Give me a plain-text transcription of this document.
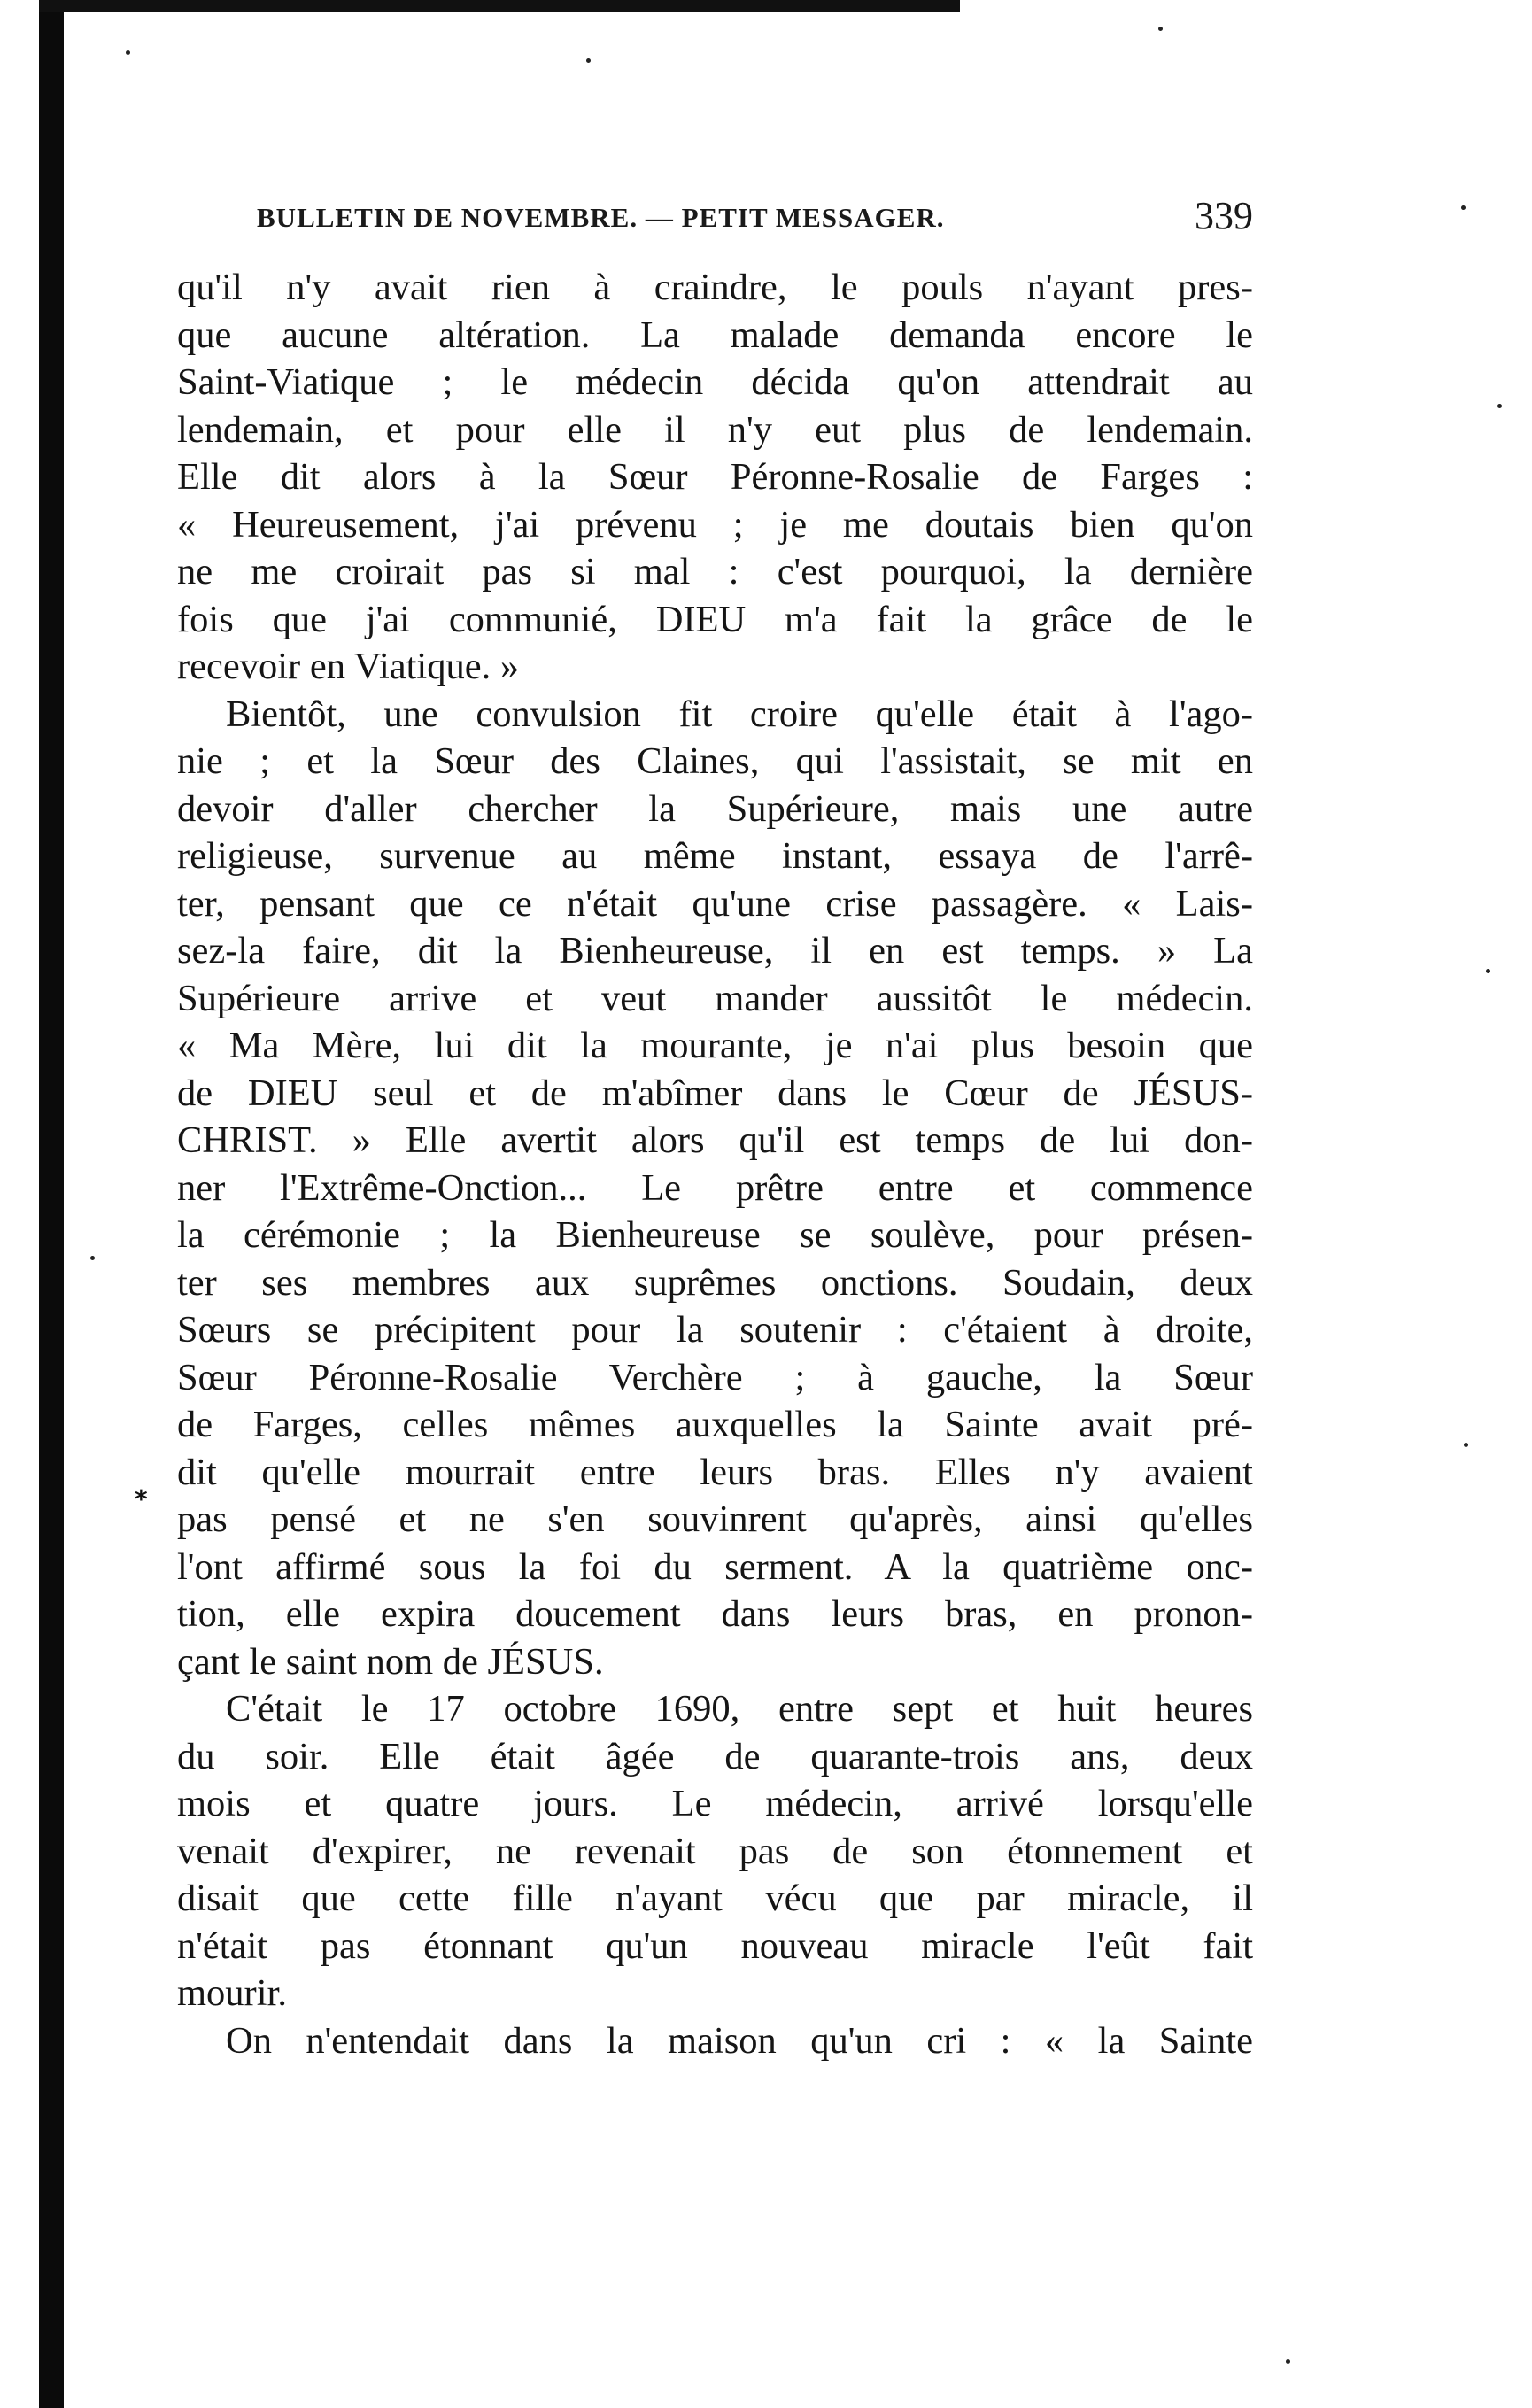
BULLETIN DE NOVEMBRE. — PETIT MESSAGER.	339
*
qu'il n'y avait rien à craindre, le pouls n'ayant pres-
que aucune altération. La malade demanda encore le
Saint-Viatique ; le médecin décida qu'on attendrait au
lendemain, et pour elle il n'y eut plus de lendemain.
Elle dit alors à la Sœur Péronne-Rosalie de Farges :
« Heureusement, j'ai prévenu ; je me doutais bien qu'on
ne me croirait pas si mal : c'est pourquoi, la dernière
fois que j'ai communié, DIEU m'a fait la grâce de le
recevoir en Viatique. »
Bientôt, une convulsion fit croire qu'elle était à l'ago-
nie ; et la Sœur des Claines, qui l'assistait, se mit en
devoir d'aller chercher la Supérieure, mais une autre
religieuse, survenue au même instant, essaya de l'arrê-
ter, pensant que ce n'était qu'une crise passagère. « Lais-
sez-la faire, dit la Bienheureuse, il en est temps. » La
Supérieure arrive et veut mander aussitôt le médecin.
« Ma Mère, lui dit la mourante, je n'ai plus besoin que
de DIEU seul et de m'abîmer dans le Cœur de JÉSUS-
CHRIST. » Elle avertit alors qu'il est temps de lui don-
ner l'Extrême-Onction... Le prêtre entre et commence
la cérémonie ; la Bienheureuse se soulève, pour présen-
ter ses membres aux suprêmes onctions. Soudain, deux
Sœurs se précipitent pour la soutenir : c'étaient à droite,
Sœur Péronne-Rosalie Verchère ; à gauche, la Sœur
de Farges, celles mêmes auxquelles la Sainte avait pré-
dit qu'elle mourrait entre leurs bras. Elles n'y avaient
pas pensé et ne s'en souvinrent qu'après, ainsi qu'elles
l'ont affirmé sous la foi du serment. A la quatrième onc-
tion, elle expira doucement dans leurs bras, en pronon-
çant le saint nom de JÉSUS.
C'était le 17 octobre 1690, entre sept et huit heures
du soir. Elle était âgée de quarante-trois ans, deux
mois et quatre jours. Le médecin, arrivé lorsqu'elle
venait d'expirer, ne revenait pas de son étonnement et
disait que cette fille n'ayant vécu que par miracle, il
n'était pas étonnant qu'un nouveau miracle l'eût fait
mourir.
On n'entendait dans la maison qu'un cri : « la Sainte
